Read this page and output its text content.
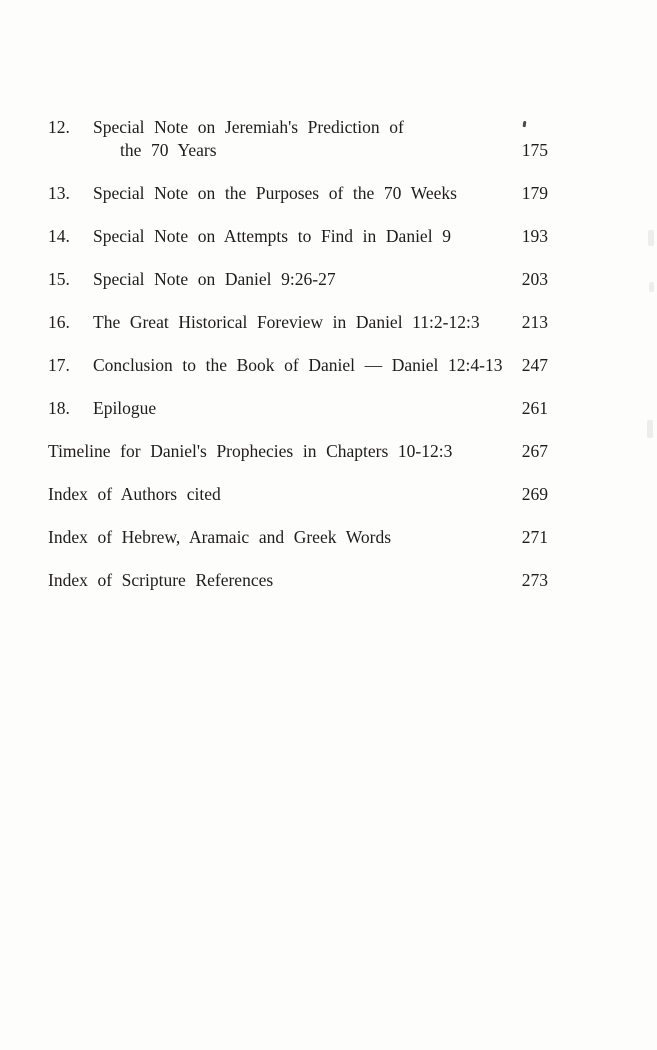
12.	Special Note on Jeremiah's Prediction of
the 70 Years	175
13.	Special Note on the Purposes of the 70 Weeks	179
14.	Special Note on Attempts to Find in Daniel 9	193
15.	Special Note on Daniel 9:26-27	203
16.	The Great Historical Foreview in Daniel 11:2-12:3	213
17.	Conclusion to the Book of Daniel — Daniel 12:4-13	247
18.	Epilogue	261
Timeline for Daniel's Prophecies in Chapters 10-12:3	267
Index of Authors cited	269
Index of Hebrew, Aramaic and Greek Words	271
Index of Scripture References	273
